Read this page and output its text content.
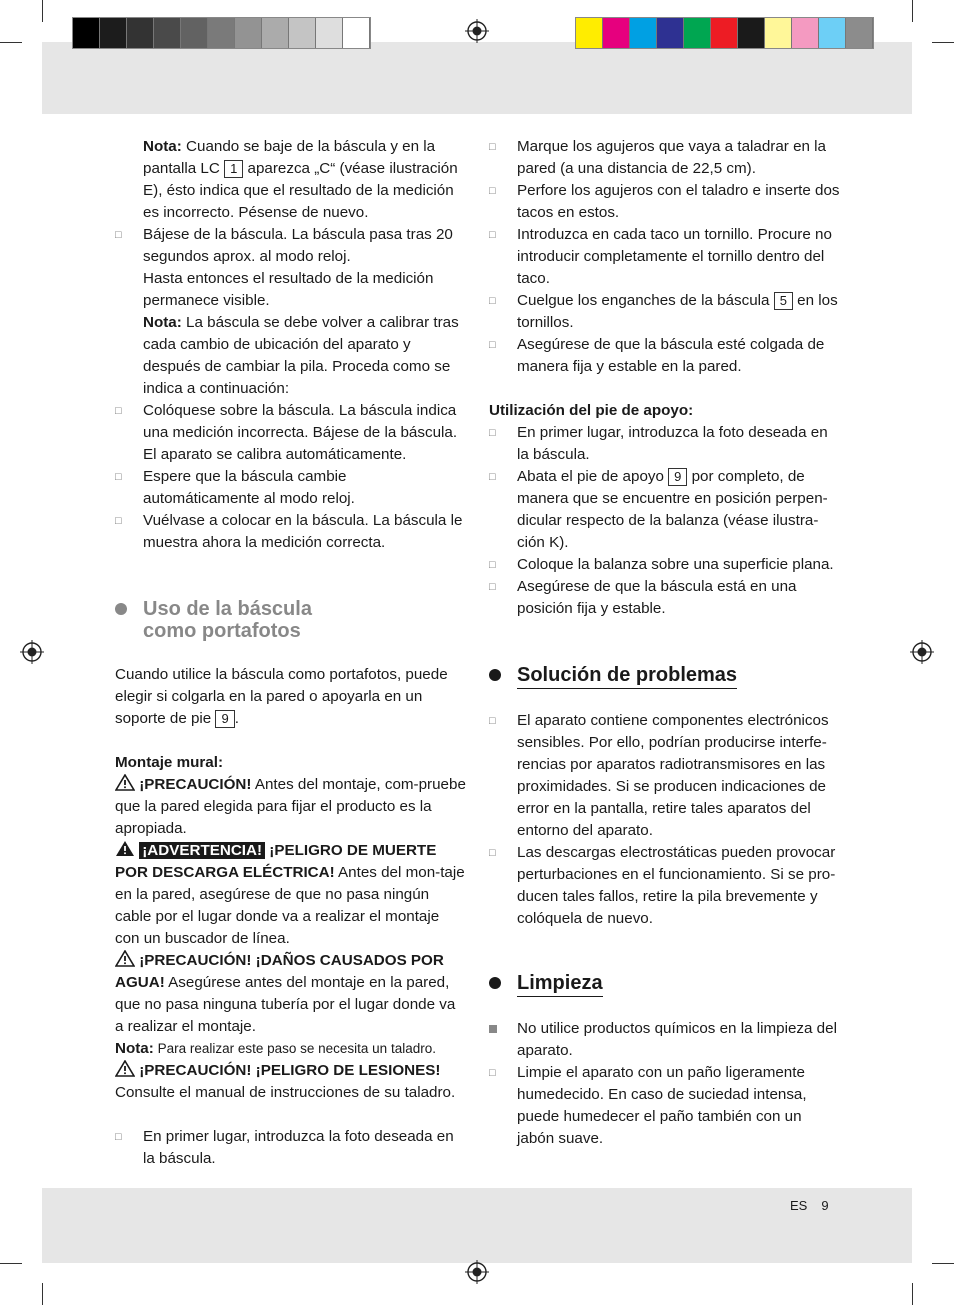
Nota: Cuando se baje de la báscula y en la pantalla LC 1 aparezca „C“ (véase ilustración E), ésto indica que el resultado de la medición es incorrecto. Pésense de nuevo.

□ Bájese de la báscula. La báscula pasa tras 20 segundos aprox. al modo reloj.

Hasta entonces el resultado de la medición permanece visible.

Nota: La báscula se debe volver a calibrar tras cada cambio de ubicación del aparato y después de cambiar la pila. Proceda como se indica a continuación:

□ Colóquese sobre la báscula. La báscula indica una medición incorrecta. Bájese de la báscula. El aparato se calibra automáticamente.

□ Espere que la báscula cambie automáticamente al modo reloj.

□ Vuélvase a colocar en la báscula. La báscula le muestra ahora la medición correcta.

Uso de la báscula
como portafotos

Cuando utilice la báscula como portafotos, puede elegir si colgarla en la pared o apoyarla en un soporte de pie 9 .

Montaje mural:

¡PRECAUCIÓN! Antes del montaje, com-pruebe que la pared elegida para fijar el producto es la apropiada.

¡ADVERTENCIA! ¡PELIGRO DE MUERTE POR DESCARGA ELÉCTRICA! Antes del mon-taje en la pared, asegúrese de que no pasa ningún cable por el lugar donde va a realizar el montaje con un buscador de línea.

¡PRECAUCIÓN! ¡DAÑOS CAUSADOS POR AGUA! Asegúrese antes del montaje en la pared, que no pasa ninguna tubería por el lugar donde va a realizar el montaje.

Nota: Para realizar este paso se necesita un taladro.

¡PRECAUCIÓN! ¡PELIGRO DE LESIONES!

Consulte el manual de instrucciones de su taladro.

□ En primer lugar, introduzca la foto deseada en la báscula.

□ Marque los agujeros que vaya a taladrar en la pared (a una distancia de 22,5 cm).

□ Perfore los agujeros con el taladro e inserte dos tacos en estos.

□ Introduzca en cada taco un tornillo. Procure no introducir completamente el tornillo dentro del taco.

□ Cuelgue los enganches de la báscula 5 en los tornillos.

□ Asegúrese de que la báscula esté colgada de manera fija y estable en la pared.

Utilización del pie de apoyo:

□ En primer lugar, introduzca la foto deseada en la báscula.

□ Abata el pie de apoyo 9 por completo, de manera que se encuentre en posición perpen-dicular respecto de la balanza (véase ilustra-ción K).

□ Coloque la balanza sobre una superficie plana.

□ Asegúrese de que la báscula está en una posición fija y estable.

Solución de problemas
□ El aparato contiene componentes electrónicos sensibles. Por ello, podrían producirse interfe-rencias por aparatos radiotransmisores en las proximidades. Si se producen indicaciones de error en la pantalla, retire tales aparatos del entorno del aparato.

□ Las descargas electrostáticas pueden provocar perturbaciones en el funcionamiento. Si se pro-ducen tales fallos, retire la pila brevemente y colóquela de nuevo.

Limpieza

No utilice productos químicos en la limpieza del aparato.

□ Limpie el aparato con un paño ligeramente humedecido. En caso de suciedad intensa, puede humedecer el paño también con un jabón suave.

ES 9
